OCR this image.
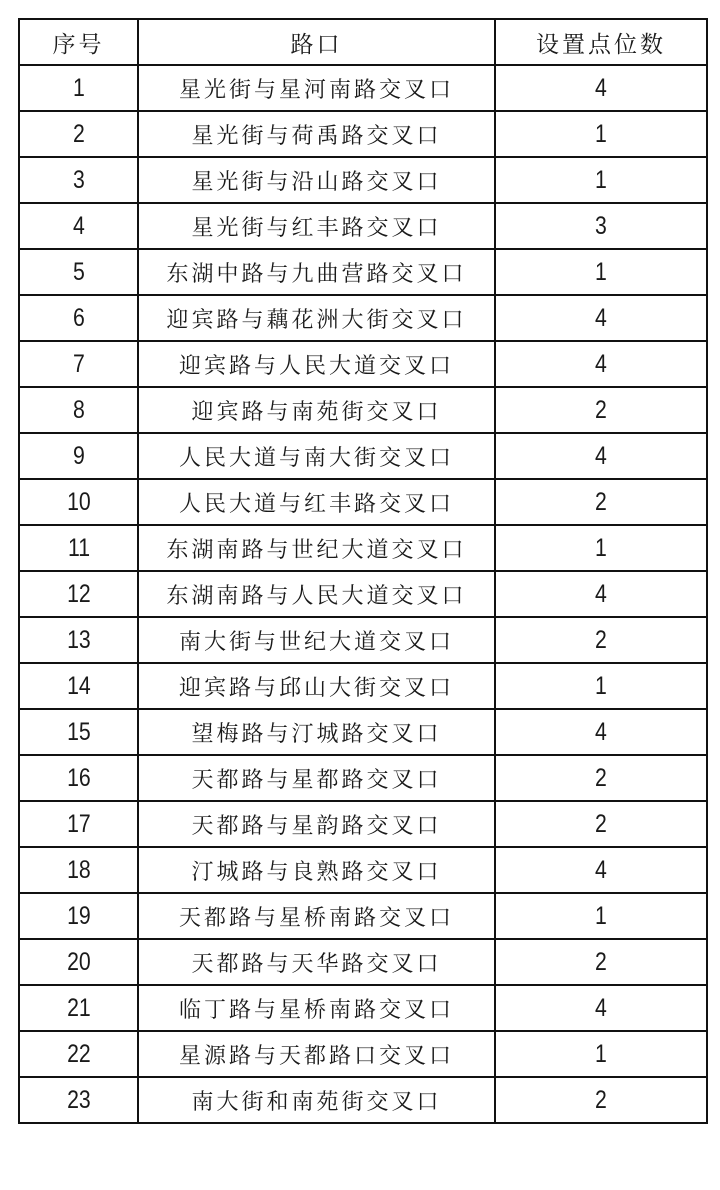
序号	路口	设置点位数
1	星光街与星河南路交叉口	4
2	星光街与荷禹路交叉口	1
3	星光街与沿山路交叉口	1
4	星光街与红丰路交叉口	3
5	东湖中路与九曲营路交叉口	1
6	迎宾路与藕花洲大街交叉口	4
7	迎宾路与人民大道交叉口	4
8	迎宾路与南苑街交叉口	2
9	人民大道与南大街交叉口	4
10	人民大道与红丰路交叉口	2
11	东湖南路与世纪大道交叉口	1
12	东湖南路与人民大道交叉口	4
13	南大街与世纪大道交叉口	2
14	迎宾路与邱山大街交叉口	1
15	望梅路与汀城路交叉口	4
16	天都路与星都路交叉口	2
17	天都路与星韵路交叉口	2
18	汀城路与良熟路交叉口	4
19	天都路与星桥南路交叉口	1
20	天都路与天华路交叉口	2
21	临丁路与星桥南路交叉口	4
22	星源路与天都路口交叉口	1
23	南大街和南苑街交叉口	2
